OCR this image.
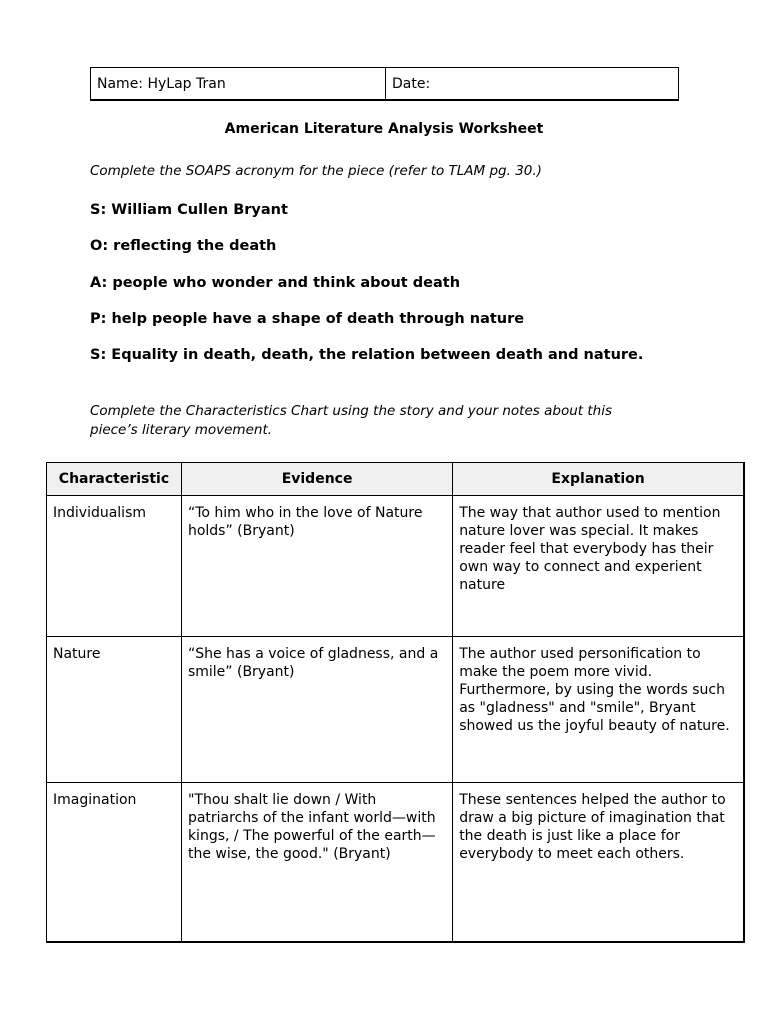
Name: HyLap Tran	Date:
American Literature Analysis Worksheet
Complete the SOAPS acronym for the piece (refer to TLAM pg. 30.)
S: William Cullen Bryant
O: reflecting the death
A: people who wonder and think about death
P: help people have a shape of death through nature
S: Equality in death, death, the relation between death and nature.
Complete the Characteristics Chart using the story and your notes about this
piece’s literary movement.
Characteristic	Evidence	Explanation
Individualism	“To him who in the love of Nature holds” (Bryant)	The way that author used to mention nature lover was special. It makes reader feel that everybody has their own way to connect and experient nature
Nature	“She has a voice of gladness, and a smile” (Bryant)	The author used personification to make the poem more vivid. Furthermore, by using the words such as "gladness" and "smile", Bryant showed us the joyful beauty of nature.
Imagination	"Thou shalt lie down / With patriarchs of the infant world—with kings, / The powerful of the earth—the wise, the good." (Bryant)	These sentences helped the author to draw a big picture of imagination that the death is just like a place for everybody to meet each others.
